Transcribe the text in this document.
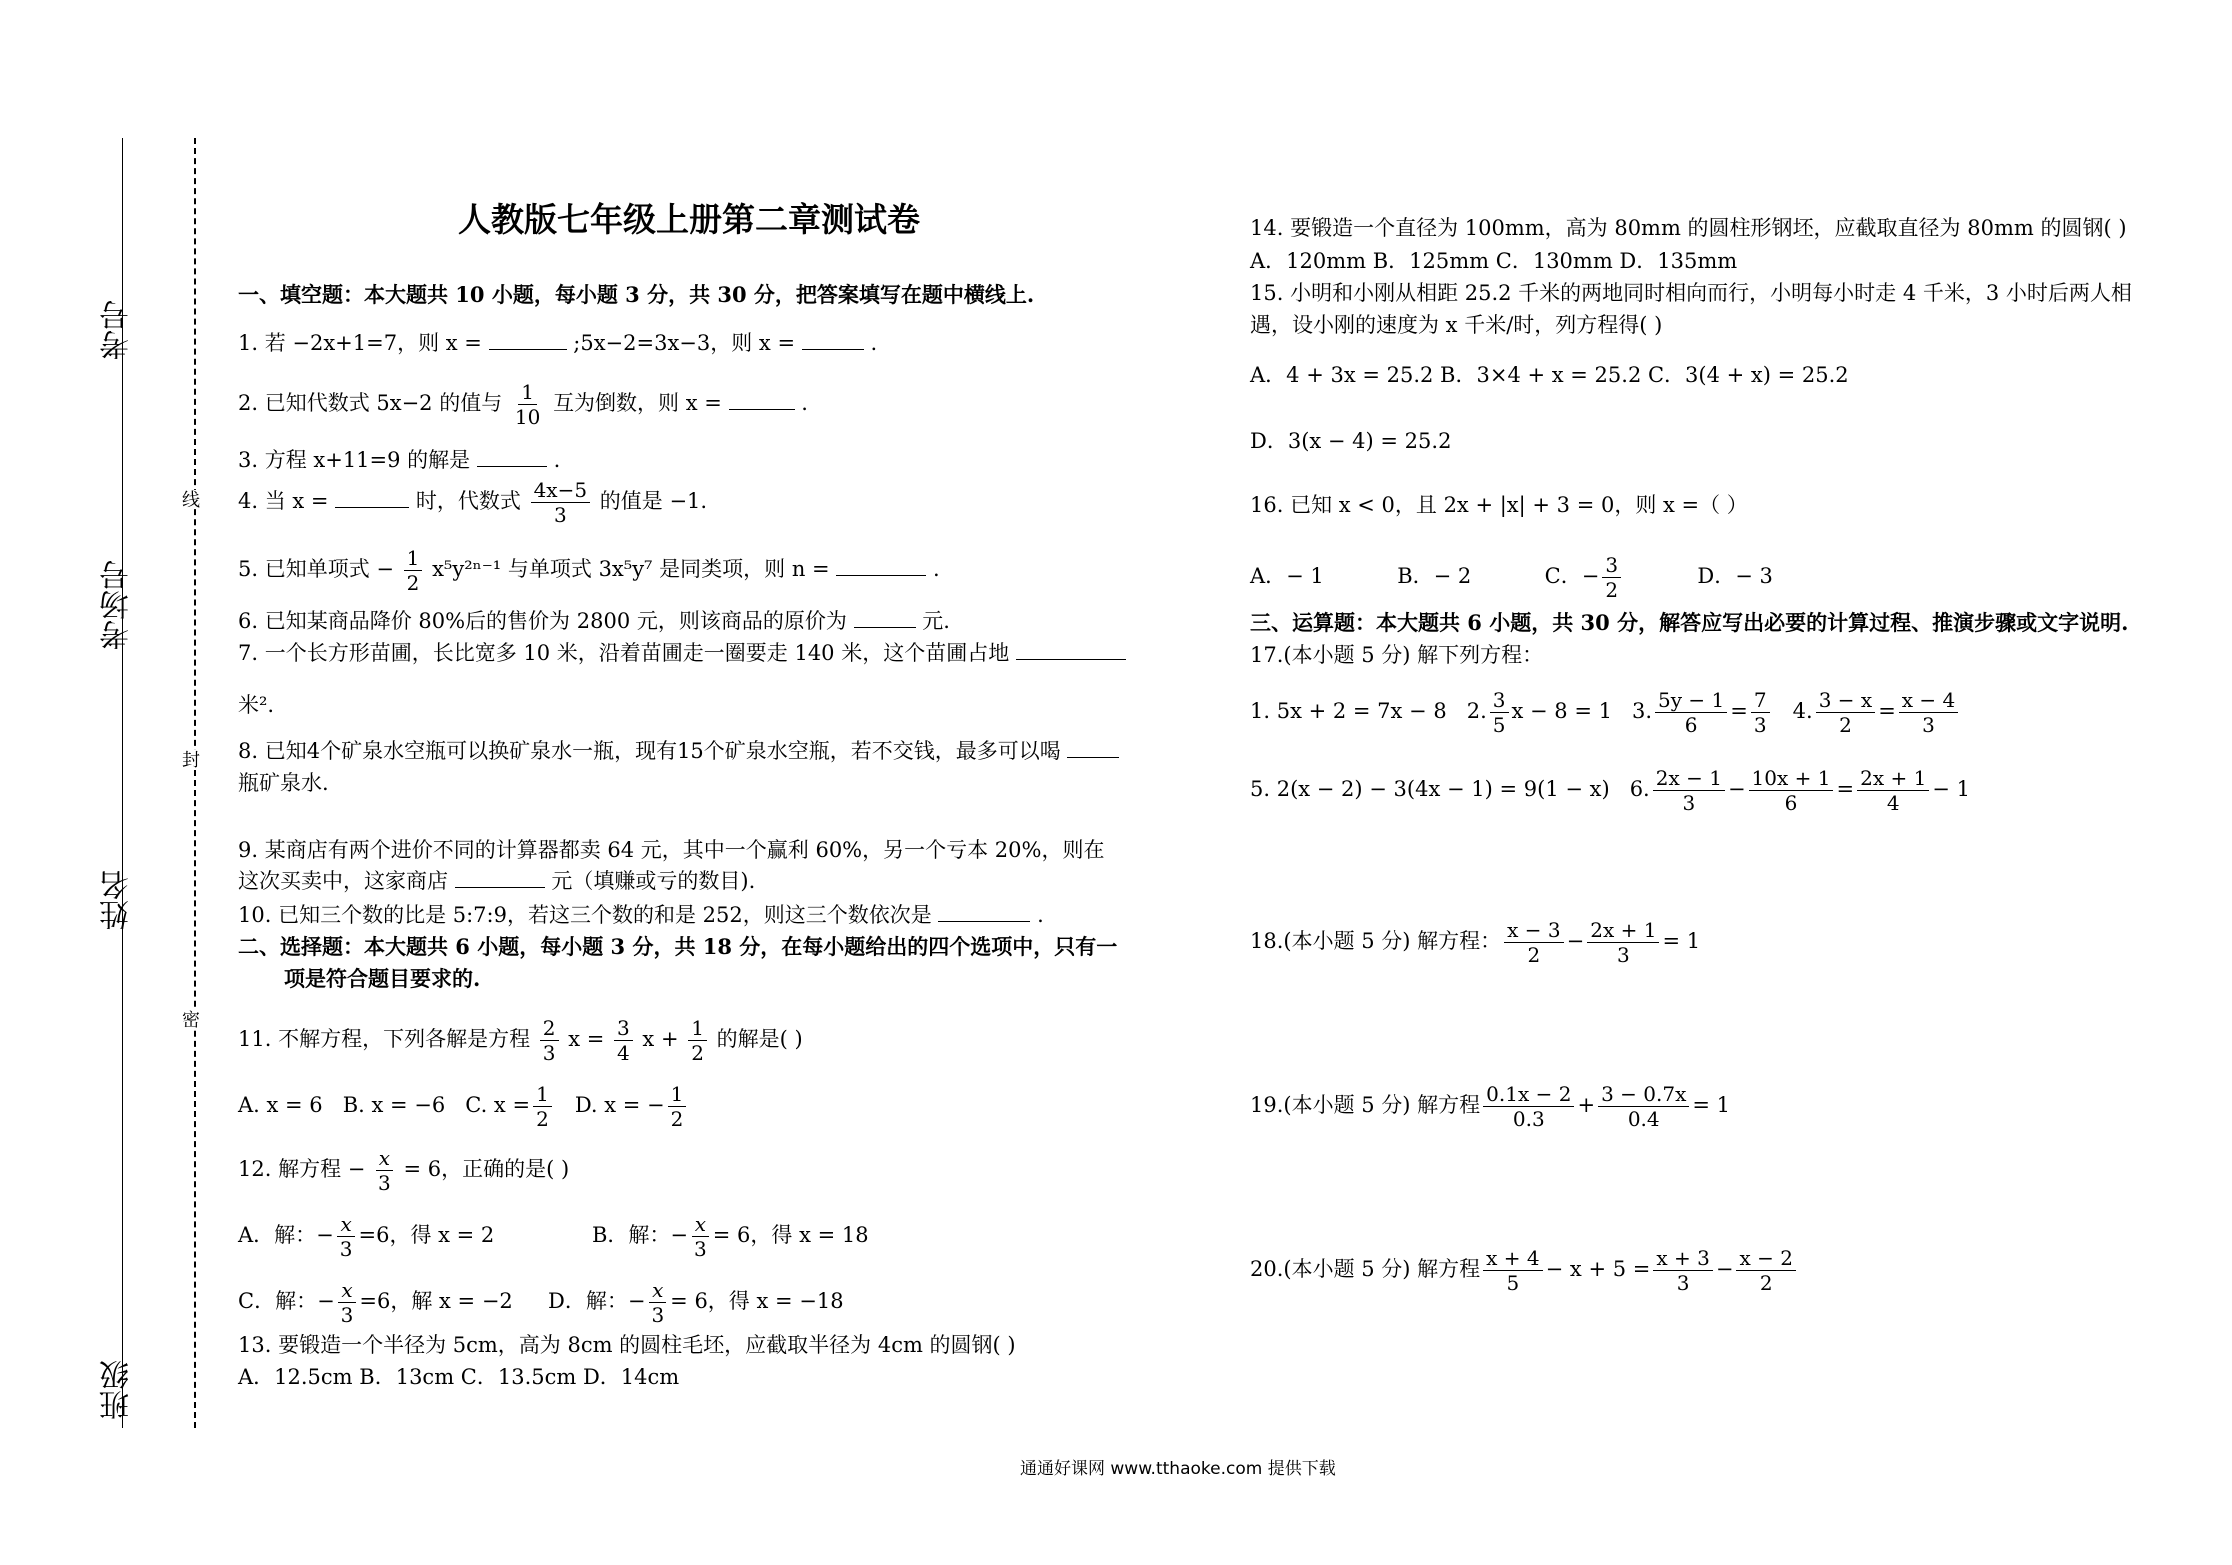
考号
考场号
姓名
班级
线
封
密
人教版七年级上册第二章测试卷
一、填空题：本大题共 10 小题，每小题 3 分，共 30 分，把答案填写在题中横线上.
1. 若 −2x+1=7，则 x =	;5x−2=3x−3，则 x =	.
2. 已知代数式 5x−2 的值与 $\frac{1}{10}$ 互为倒数，则 x =	.
3. 方程 x+11=9 的解是	.
4. 当 x =	时，代数式 $\frac{4x-5}{3}$ 的值是 −1.
5. 已知单项式 − $\frac{1}{2} x^5y^{2n-1}$ 与单项式 3x⁵y⁷ 是同类项，则 n =	.
6. 已知某商品降价 80%后的售价为 2800 元，则该商品的原价为	元.
7. 一个长方形苗圃，长比宽多 10 米，沿着苗圃走一圈要走 140 米，这个苗圃占地
米².
8. 已知4个矿泉水空瓶可以换矿泉水一瓶，现有15个矿泉水空瓶，若不交钱，最多可以喝
瓶矿泉水.
9. 某商店有两个进价不同的计算器都卖 64 元，其中一个赢利 60%，另一个亏本 20%，则在
这次买卖中，这家商店	元（填赚或亏的数目).
10. 已知三个数的比是 5:7:9，若这三个数的和是 252，则这三个数依次是	.
二、选择题：本大题共 6 小题，每小题 3 分，共 18 分，在每小题给出的四个选项中，只有一
项是符合题目要求的.
11. 不解方程，下列各解是方程 $\frac{2}{3}$ $x = \frac{3}{4}$ $x + \frac{1}{2}$ 的解是( )
A. x = 6 B. x = −6 C. $x = \frac{1}{2} D$. x = − $\frac{1}{2}$
12. 解方程 − $\frac{x}{3} = 6$，正确的是( )
A．解：− $\frac{x}{3} =6$，得 x = 2	B．解：− $\frac{x}{3} = 6$，得 x = 18
C．解：− $\frac{x}{3} =6$，解 x = −2 D．解：− $\frac{x}{3} = 6$，得 x = −18
13. 要锻造一个半径为 5cm，高为 8cm 的圆柱毛坯，应截取半径为 4cm 的圆钢( )
A．12.5cm B．13cm C．13.5cm D．14cm
14. 要锻造一个直径为 100mm，高为 80mm 的圆柱形钢坯，应截取直径为 80mm 的圆钢( )
A．120mm B．125mm C．130mm D．135mm
15. 小明和小刚从相距 25.2 千米的两地同时相向而行，小明每小时走 4 千米，3 小时后两人相
遇，设小刚的速度为 x 千米/时，列方程得( )
A．4 + 3x = 25.2 B．3×4 + x = 25.2 C．3(4 + x) = 25.2
D．3(x − 4) = 25.2
16. 已知 x < 0，且 2x + |x| + 3 = 0，则 x =（ ）
A．− 1	B．− 2	C．− $\frac{3}{2}$	D．− 3
三、运算题：本大题共 6 小题，共 30 分，解答应写出必要的计算过程、推演步骤或文字说明.
17.(本小题 5 分) 解下列方程：
1. 5x + 2 = 7x − 8 2. $\frac{3}{5}$ x − 8 = 1 3. $\frac{5y - 1}{6} = \frac{7}{3} 4$. $\frac{3 - x}{2} = \frac{x - 4}{3}$
5. 2(x − 2) − 3(4x − 1) = 9(1 − x) 6. $\frac{2x - 1}{3} - \frac{10x + 1}{6} = \frac{2x + 1}{4} - 1$
18.(本小题 5 分) 解方程： $\frac{x - 3}{2} - \frac{2x + 1}{3} = 1$
19.(本小题 5 分) 解方程 $\frac{0.1x - 2}{0.3} + \frac{3 - 0.7x}{0.4} = 1$
20.(本小题 5 分) 解方程 $\frac{x + 4}{5} - x + 5 = \frac{x + 3}{3} - \frac{x - 2}{2}$
通通好课网 www.tthaoke.com 提供下载
